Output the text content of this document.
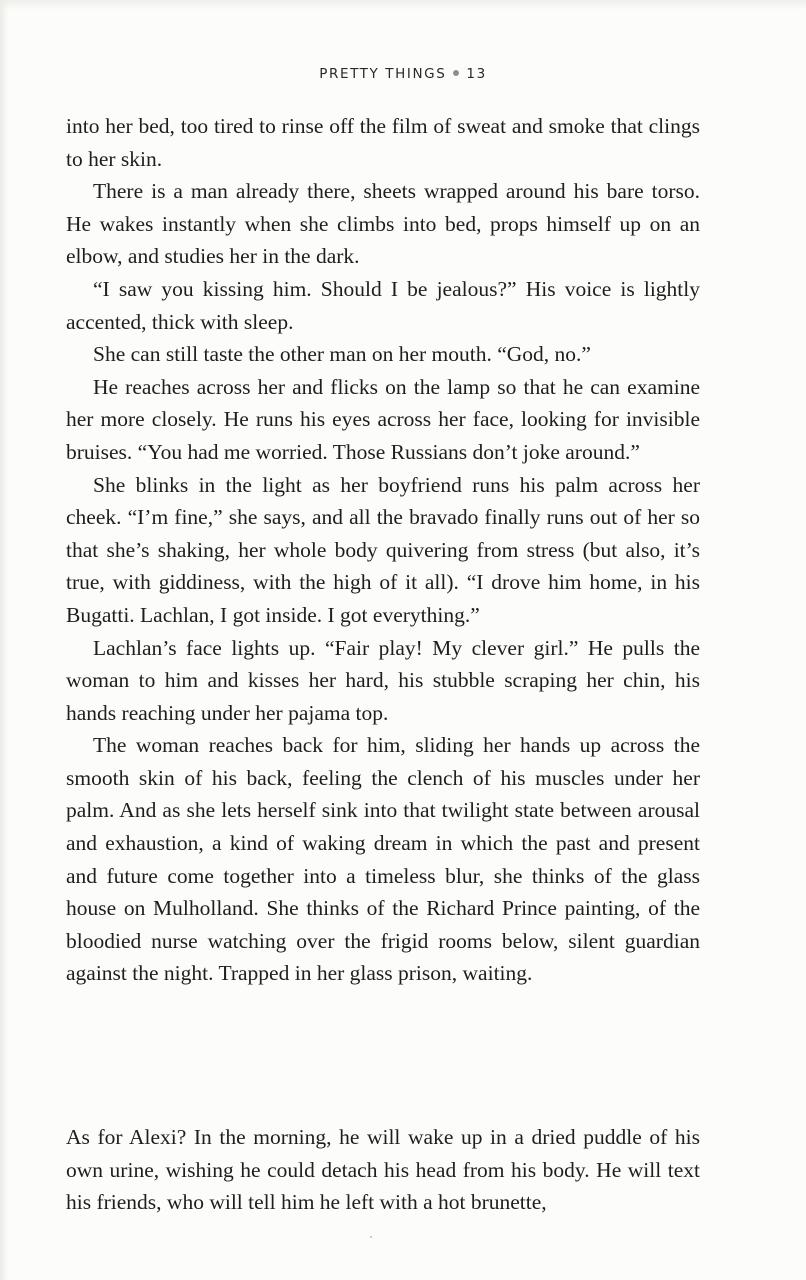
PRETTY THINGS 13

into her bed, too tired to rinse off the film of sweat and smoke that clings to her skin.

There is a man already there, sheets wrapped around his bare torso. He wakes instantly when she climbs into bed, props himself up on an elbow, and studies her in the dark.

“I saw you kissing him. Should I be jealous?” His voice is lightly accented, thick with sleep.

She can still taste the other man on her mouth. “God, no.”

He reaches across her and flicks on the lamp so that he can examine her more closely. He runs his eyes across her face, looking for invisible bruises. “You had me worried. Those Russians don’t joke around.”

She blinks in the light as her boyfriend runs his palm across her cheek. “I’m fine,” she says, and all the bravado finally runs out of her so that she’s shaking, her whole body quivering from stress (but also, it’s true, with giddiness, with the high of it all). “I drove him home, in his Bugatti. Lachlan, I got inside. I got everything.”

Lachlan’s face lights up. “Fair play! My clever girl.” He pulls the woman to him and kisses her hard, his stubble scraping her chin, his hands reaching under her pajama top.

The woman reaches back for him, sliding her hands up across the smooth skin of his back, feeling the clench of his muscles under her palm. And as she lets herself sink into that twilight state between arousal and exhaustion, a kind of waking dream in which the past and present and future come together into a timeless blur, she thinks of the glass house on Mulholland. She thinks of the Richard Prince painting, of the bloodied nurse watching over the frigid rooms below, silent guardian against the night. Trapped in her glass prison, waiting.

As for Alexi? In the morning, he will wake up in a dried puddle of his own urine, wishing he could detach his head from his body. He will text his friends, who will tell him he left with a hot brunette,
